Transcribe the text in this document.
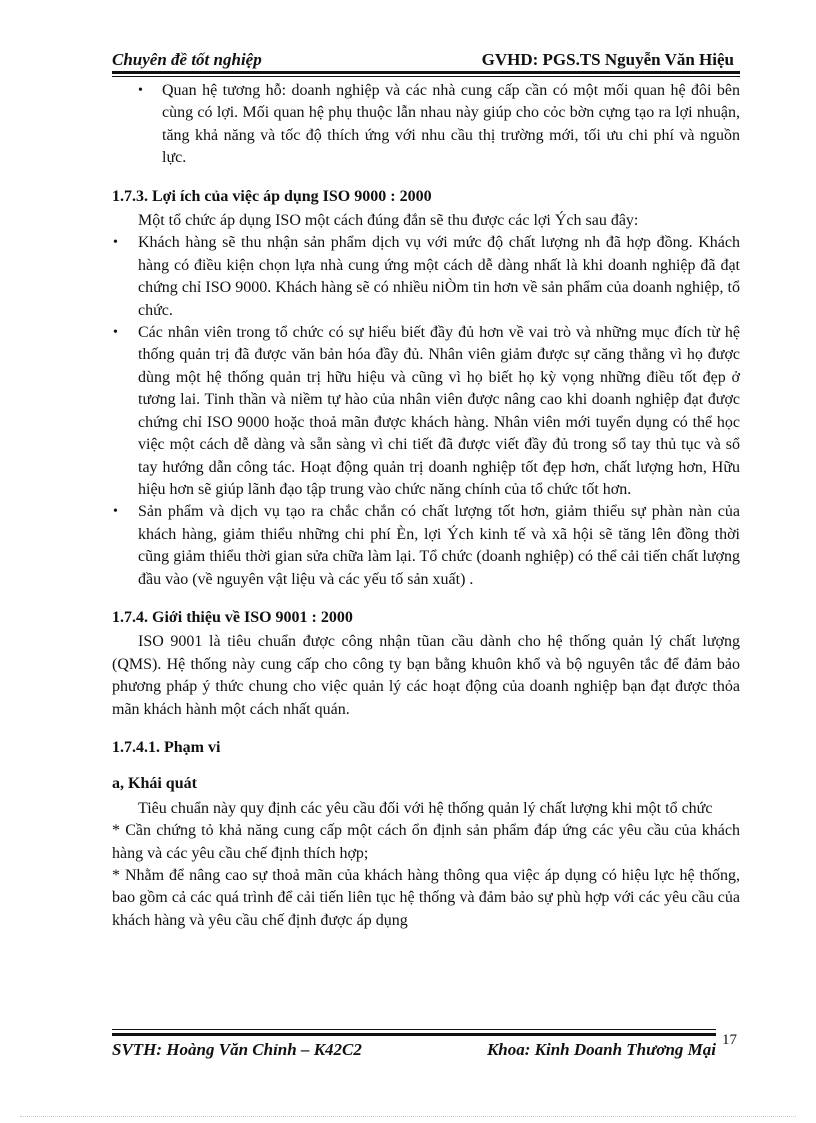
Chuyên đề tốt nghiệp	GVHD: PGS.TS Nguyễn Văn Hiệu
• Quan hệ tương hỗ: doanh nghiệp và các nhà cung cấp cần có một mối quan hệ đôi bên cùng có lợi. Mối quan hệ phụ thuộc lẫn nhau này giúp cho cỏc bờn cựng tạo ra lợi nhuận, tăng khả năng và tốc độ thích ứng với nhu cầu thị trường mới, tối ưu chi phí và nguồn lực.
1.7.3. Lợi ích của việc áp dụng ISO 9000 : 2000

Một tổ chức áp dụng ISO một cách đúng đắn sẽ thu được các lợi Ých sau đây:

• Khách hàng sẽ thu nhận sản phẩm dịch vụ với mức độ chất lượng nh đã hợp đồng. Khách hàng có điều kiện chọn lựa nhà cung ứng một cách dễ dàng nhất là khi doanh nghiệp đã đạt chứng chỉ ISO 9000. Khách hàng sẽ có nhiều niÒm tin hơn về sản phẩm của doanh nghiệp, tổ chức.
• Các nhân viên trong tổ chức có sự hiểu biết đầy đủ hơn về vai trò và những mục đích từ hệ thống quản trị đã được văn bản hóa đầy đủ. Nhân viên giảm được sự căng thẳng vì họ được dùng một hệ thống quản trị hữu hiệu và cũng vì họ biết họ kỳ vọng những điều tốt đẹp ở tương lai. Tinh thần và niềm tự hào của nhân viên được nâng cao khi doanh nghiệp đạt được chứng chỉ ISO 9000 hoặc thoả mãn được khách hàng. Nhân viên mới tuyển dụng có thể học việc một cách dễ dàng và sẵn sàng vì chi tiết đã được viết đầy đủ trong sổ tay thủ tục và sổ tay hướng dẫn công tác. Hoạt động quản trị doanh nghiệp tốt đẹp hơn, chất lượng hơn, Hữu hiệu hơn sẽ giúp lãnh đạo tập trung vào chức năng chính của tổ chức tốt hơn.
• Sản phẩm và dịch vụ tạo ra chắc chắn có chất lượng tốt hơn, giảm thiểu sự phàn nàn của khách hàng, giảm thiểu những chi phí Èn, lợi Ých kinh tế và xã hội sẽ tăng lên đồng thời cũng giảm thiểu thời gian sửa chữa làm lại. Tổ chức (doanh nghiệp) có thể cải tiến chất lượng đầu vào (về nguyên vật liệu và các yếu tố sản xuất) .
1.7.4. Giới thiệu về ISO 9001 : 2000

ISO 9001 là tiêu chuẩn được công nhận tũan cầu dành cho hệ thống quản lý chất lượng (QMS). Hệ thống này cung cấp cho công ty bạn bằng khuôn khổ và bộ nguyên tắc để đảm bảo phương pháp ý thức chung cho việc quản lý các hoạt động của doanh nghiệp bạn đạt được thỏa mãn khách hành một cách nhất quán.

1.7.4.1. Phạm vi
a, Khái quát

Tiêu chuẩn này quy định các yêu cầu đối với hệ thống quản lý chất lượng khi một tổ chức

* Cần chứng tỏ khả năng cung cấp một cách ổn định sản phẩm đáp ứng các yêu cầu của khách hàng và các yêu cầu chế định thích hợp;

* Nhằm để nâng cao sự thoả mãn của khách hàng thông qua việc áp dụng có hiệu lực hệ thống, bao gồm cả các quá trình để cải tiến liên tục hệ thống và đảm bảo sự phù hợp với các yêu cầu của khách hàng và yêu cầu chế định được áp dụng

SVTH: Hoàng Văn Chỉnh – K42C2	Khoa: Kinh Doanh Thương Mại 17
